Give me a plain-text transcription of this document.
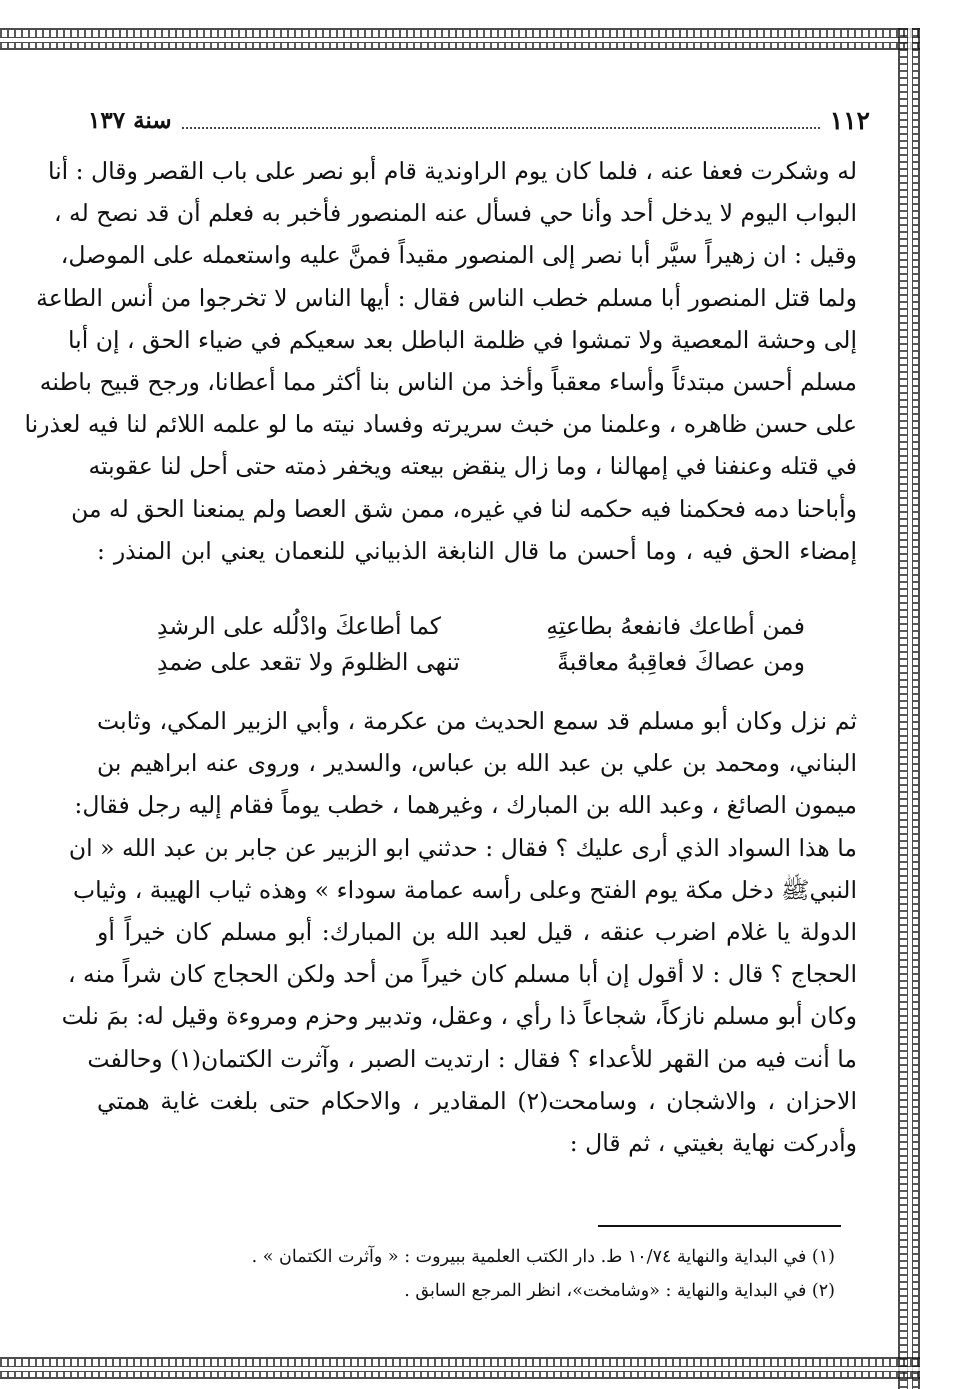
١١٢
سنة ١٣٧
له وشكرت فعفا عنه ، فلما كان يوم الراوندية قام أبو نصر على باب القصر وقال : أنا
البواب اليوم لا يدخل أحد وأنا حي فسأل عنه المنصور فأخبر به فعلم أن قد نصح له ،
وقيل : ان زهيراً سيَّر أبا نصر إلى المنصور مقيداً فمنَّ عليه واستعمله على الموصل،
ولما قتل المنصور أبا مسلم خطب الناس فقال : أيها الناس لا تخرجوا من أنس الطاعة
إلى وحشة المعصية ولا تمشوا في ظلمة الباطل بعد سعيكم في ضياء الحق ، إن أبا
مسلم أحسن مبتدئاً وأساء معقباً وأخذ من الناس بنا أكثر مما أعطانا، ورجح قبيح باطنه
على حسن ظاهره ، وعلمنا من خبث سريرته وفساد نيته ما لو علمه اللائم لنا فيه لعذرنا
في قتله وعنفنا في إمهالنا ، وما زال ينقض بيعته ويخفر ذمته حتى أحل لنا عقوبته
وأباحنا دمه فحكمنا فيه حكمه لنا في غيره، ممن شق العصا ولم يمنعنا الحق له من
إمضاء الحق فيه ، وما أحسن ما قال النابغة الذبياني للنعمان يعني ابن المنذر :
فمن أطاعك فانفعهُ بطاعتِهِ
كما أطاعكَ وادْلُله على الرشدِ
ومن عصاكَ فعاقِبهُ معاقبةً
تنهى الظلومَ ولا تقعد على ضمدِ
ثم نزل وكان أبو مسلم قد سمع الحديث من عكرمة ، وأبي الزبير المكي، وثابت
البناني، ومحمد بن علي بن عبد الله بن عباس، والسدير ، وروى عنه ابراهيم بن
ميمون الصائغ ، وعبد الله بن المبارك ، وغيرهما ، خطب يوماً فقام إليه رجل فقال:
ما هذا السواد الذي أرى عليك ؟ فقال : حدثني ابو الزبير عن جابر بن عبد الله « ان
النبيﷺ دخل مكة يوم الفتح وعلى رأسه عمامة سوداء » وهذه ثياب الهيبة ، وثياب
الدولة يا غلام اضرب عنقه ، قيل لعبد الله بن المبارك: أبو مسلم كان خيراً أو
الحجاج ؟ قال : لا أقول إن أبا مسلم كان خيراً من أحد ولكن الحجاج كان شراً منه ،
وكان أبو مسلم نازكاً، شجاعاً ذا رأي ، وعقل، وتدبير وحزم ومروءة وقيل له: بمَ نلت
ما أنت فيه من القهر للأعداء ؟ فقال : ارتديت الصبر ، وآثرت الكتمان(١) وحالفت
الاحزان ، والاشجان ، وسامحت(٢) المقادير ، والاحكام حتى بلغت غاية همتي
وأدركت نهاية بغيتي ، ثم قال :
(١) في البداية والنهاية ١٠/٧٤ ط. دار الكتب العلمية ببيروت : « وآثرت الكتمان » .
(٢) في البداية والنهاية : «وشامخت»، انظر المرجع السابق .
